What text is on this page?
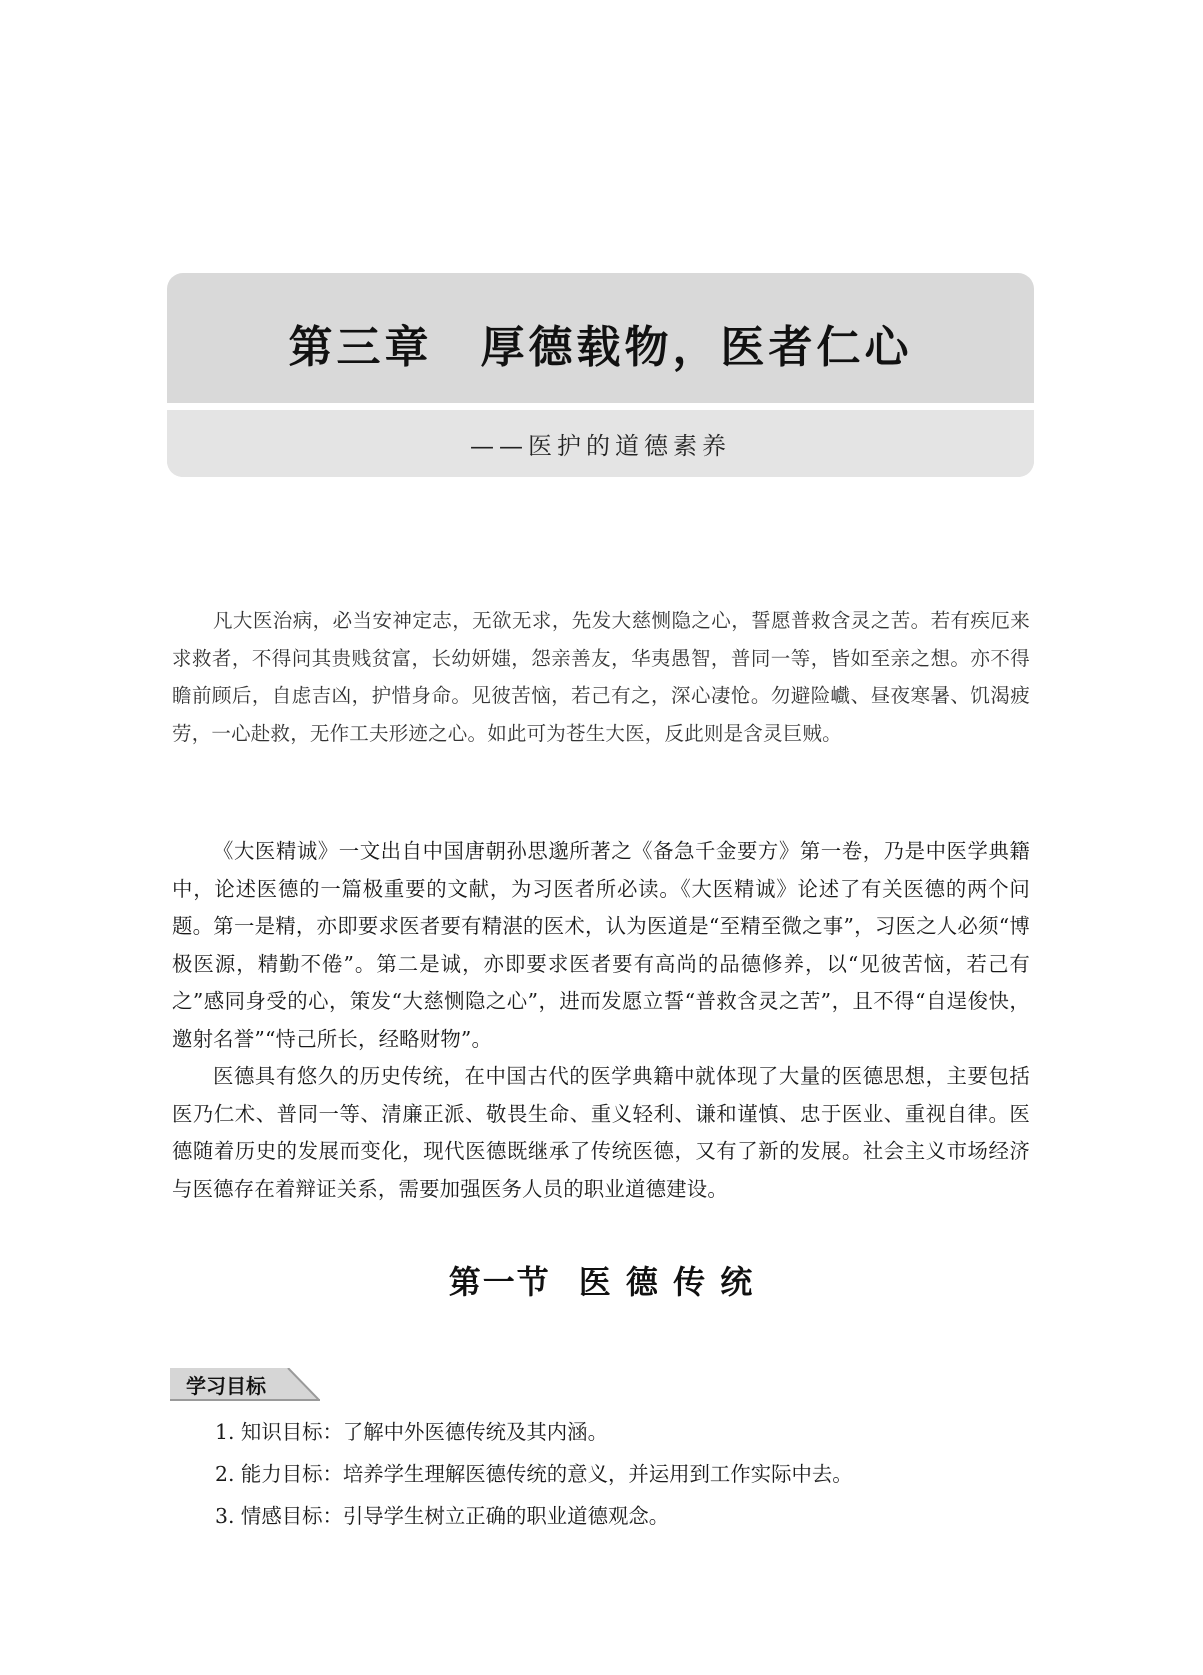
第三章 厚德载物，医者仁心
——医护的道德素养

凡大医治病，必当安神定志，无欲无求，先发大慈恻隐之心，誓愿普救含灵之苦。若有疾厄来求救者，不得问其贵贱贫富，长幼妍媸，怨亲善友，华夷愚智，普同一等，皆如至亲之想。亦不得瞻前顾后，自虑吉凶，护惜身命。见彼苦恼，若己有之，深心凄怆。勿避险巇、昼夜寒暑、饥渴疲劳，一心赴救，无作工夫形迹之心。如此可为苍生大医，反此则是含灵巨贼。

《大医精诚》一文出自中国唐朝孙思邈所著之《备急千金要方》第一卷，乃是中医学典籍中，论述医德的一篇极重要的文献，为习医者所必读。《大医精诚》论述了有关医德的两个问题。第一是精，亦即要求医者要有精湛的医术，认为医道是“至精至微之事”，习医之人必须“博极医源，精勤不倦”。第二是诚，亦即要求医者要有高尚的品德修养，以“见彼苦恼，若己有之”感同身受的心，策发“大慈恻隐之心”，进而发愿立誓“普救含灵之苦”，且不得“自逞俊快，邀射名誉”“恃己所长，经略财物”。

医德具有悠久的历史传统，在中国古代的医学典籍中就体现了大量的医德思想，主要包括医乃仁术、普同一等、清廉正派、敬畏生命、重义轻利、谦和谨慎、忠于医业、重视自律。医德随着历史的发展而变化，现代医德既继承了传统医德，又有了新的发展。社会主义市场经济与医德存在着辩证关系，需要加强医务人员的职业道德建设。

第一节 医 德 传 统
学习目标
1. 知识目标：了解中外医德传统及其内涵。
2. 能力目标：培养学生理解医德传统的意义，并运用到工作实际中去。
3. 情感目标：引导学生树立正确的职业道德观念。
